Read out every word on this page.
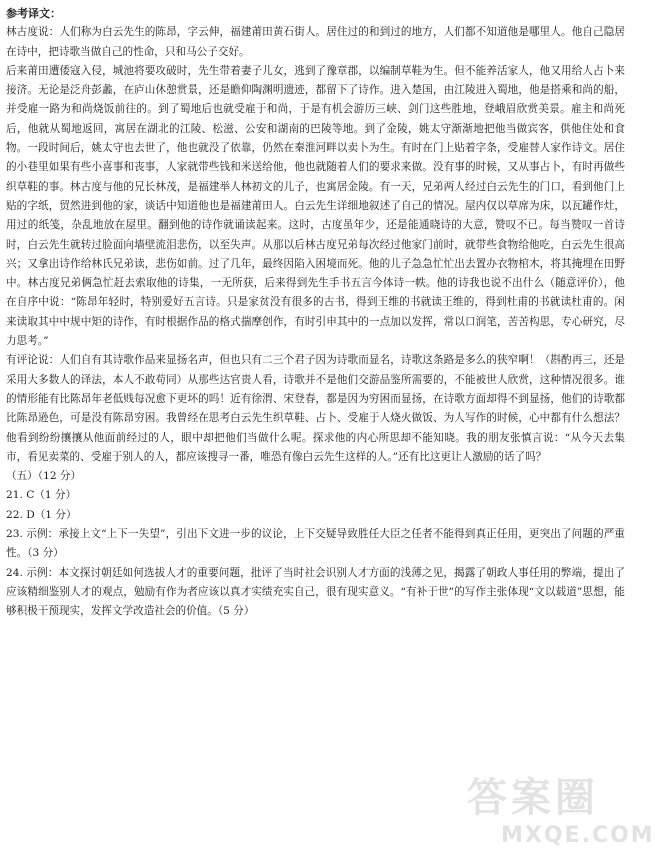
参考译文：
林古度说：人们称为白云先生的陈昂，字云伸，福建莆田黄石街人。居住过的和到过的地方，人们都不知道他是哪里人。他自己隐居在诗中，把诗歌当做自己的性命，只和马公子交好。
后来莆田遭倭寇入侵，城池将要攻破时，先生带着妻子儿女，逃到了豫章郡，以编制草鞋为生。但不能养活家人，他又用给人占卜来接济。无论是泛舟彭蠡，在庐山休憩赏景，还是瞻仰陶渊明遗迹，都留下了诗作。进入楚国，由江陵进入蜀地，他是搭乘和尚的船，并受雇一路为和尚烧饭前往的。到了蜀地后也就受雇于和尚，于是有机会游历三峡、剑门这些胜地，登峨眉欣赏美景。雇主和尚死后，他就从蜀地返回，寓居在湖北的江陵、松滋、公安和湖南的巴陵等地。到了金陵，姚太守渐渐地把他当做宾客，供他住处和食物。一段时间后，姚太守也去世了，他也就没了依靠，仍然在秦淮河畔以卖卜为生。有时在门上贴着字条，受雇替人家作诗文。居住的小巷里如果有些小喜事和丧事，人家就带些钱和米送给他，他也就随着人们的要求来做。没有事的时候，又从事占卜，有时再做些织草鞋的事。林古度与他的兄长林茂，是福建举人林初文的儿子，也寓居金陵。有一天，兄弟两人经过白云先生的门口，看到他门上贴的字纸，贸然进到他的家，谈话中知道他也是福建莆田人。白云先生详细地叙述了自己的情况。屋内仅以草席为床，以瓦罐作灶，用过的纸笺，杂乱地放在屋里。翻到他的诗作就诵读起来。这时，古度虽年少，还是能通晓诗的大意，赞叹不已。每当赞叹一首诗时，白云先生就转过脸面向墙壁流泪悲伤，以至失声。从那以后林古度兄弟每次经过他家门前时，就带些食物给他吃，白云先生很高兴；又拿出诗作给林氏兄弟读，悲伤如前。过了几年，最终因陷入困境而死。他的儿子急急忙忙出去置办衣物棺木，将其掩埋在田野中。林古度兄弟俩急忙赶去索取他的诗集，一无所获，后来得到先生手书五言今体诗一帙。他的诗我也说不出什么（随意评价），他在自序中说：“陈昂年轻时，特别爱好五言诗。只是家贫没有很多的古书，得到王维的书就读王维的，得到杜甫的书就读杜甫的。闲来读取其中中规中矩的诗作，有时根据作品的格式揣摩创作，有时引申其中的一点加以发挥，常以口润笔，苦苦构思，专心研究，尽力思考。”
有评论说：人们自有其诗歌作品来显扬名声，但也只有二三个君子因为诗歌而显名，诗歌这条路是多么的狭窄啊！（斟酌再三，还是采用大多数人的译法，本人不敢苟同）从那些达官贵人看，诗歌并不是他们交游品鉴所需要的，不能被世人欣赏，这种情况很多。谁的情形能有比陈昂年老低贱每况愈下更坏的吗！近有徐渭、宋登春，都是因为穷困而显扬，在诗歌方面却得不到显扬，他们的诗歌都比陈昂逊色，可是没有陈昂穷困。我曾经在思考白云先生织草鞋、占卜、受雇于人烧火做饭、为人写作的时候，心中都有什么想法？他看到纷纷攘攘从他面前经过的人，眼中却把他们当做什么呢。探求他的内心所思却不能知晓。我的朋友张慎言说：“从今天去集市，看见卖菜的、受雇于别人的人，都应该搜寻一番，唯恐有像白云先生这样的人。”还有比这更让人激励的话了吗？
（五）（12 分）
21. C（1 分）
22. D（1 分）
23. 示例：承接上文“上下一失望”，引出下文进一步的议论，上下交疑导致胜任大臣之任者不能得到真正任用，更突出了问题的严重性。（3 分）
24. 示例：本文探讨朝廷如何选拔人才的重要问题，批评了当时社会识别人才方面的浅薄之见，揭露了朝政人事任用的弊端，提出了应该精细鉴别人才的观点，勉励有作为者应该以真才实绩充实自己，很有现实意义。“有补于世”的写作主张体现“文以载道”思想，能够积极干预现实，发挥文学改造社会的价值。（5 分）
答案圈
MXQE.COM
